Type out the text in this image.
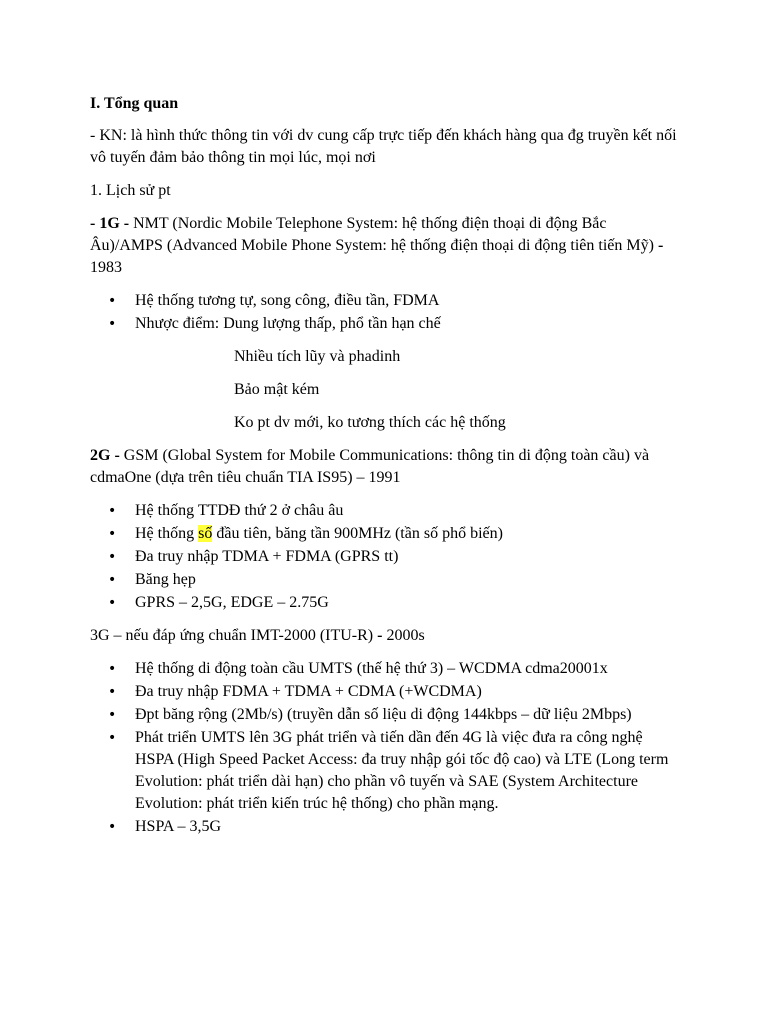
I. Tổng quan

- KN: là hình thức thông tin với dv cung cấp trực tiếp đến khách hàng qua đg truyền kết nối vô tuyến đảm bảo thông tin mọi lúc, mọi nơi

1. Lịch sử pt

- 1G - NMT (Nordic Mobile Telephone System: hệ thống điện thoại di động Bắc Âu)/AMPS (Advanced Mobile Phone System: hệ thống điện thoại di động tiên tiến Mỹ) - 1983

• Hệ thống tương tự, song công, điều tần, FDMA
• Nhược điểm: Dung lượng thấp, phổ tần hạn chế

Nhiều tích lũy và phadinh

Bảo mật kém

Ko pt dv mới, ko tương thích các hệ thống

2G - GSM (Global System for Mobile Communications: thông tin di động toàn cầu) và cdmaOne (dựa trên tiêu chuẩn TIA IS95) – 1991

• Hệ thống TTDĐ thứ 2 ở châu âu
• Hệ thống số đầu tiên, băng tần 900MHz (tần số phổ biến)
• Đa truy nhập TDMA + FDMA (GPRS tt)
• Băng hẹp
• GPRS – 2,5G, EDGE – 2.75G

3G – nếu đáp ứng chuẩn IMT-2000 (ITU-R) - 2000s

• Hệ thống di động toàn cầu UMTS (thế hệ thứ 3) – WCDMA cdma20001x
• Đa truy nhập FDMA + TDMA + CDMA (+WCDMA)
• Đpt băng rộng (2Mb/s) (truyền dẫn số liệu di động 144kbps – dữ liệu 2Mbps)
• Phát triển UMTS lên 3G phát triển và tiến dần đến 4G là việc đưa ra công nghệ HSPA (High Speed Packet Access: đa truy nhập gói tốc độ cao) và LTE (Long term Evolution: phát triển dài hạn) cho phần vô tuyến và SAE (System Architecture Evolution: phát triển kiến trúc hệ thống) cho phần mạng.
• HSPA – 3,5G
